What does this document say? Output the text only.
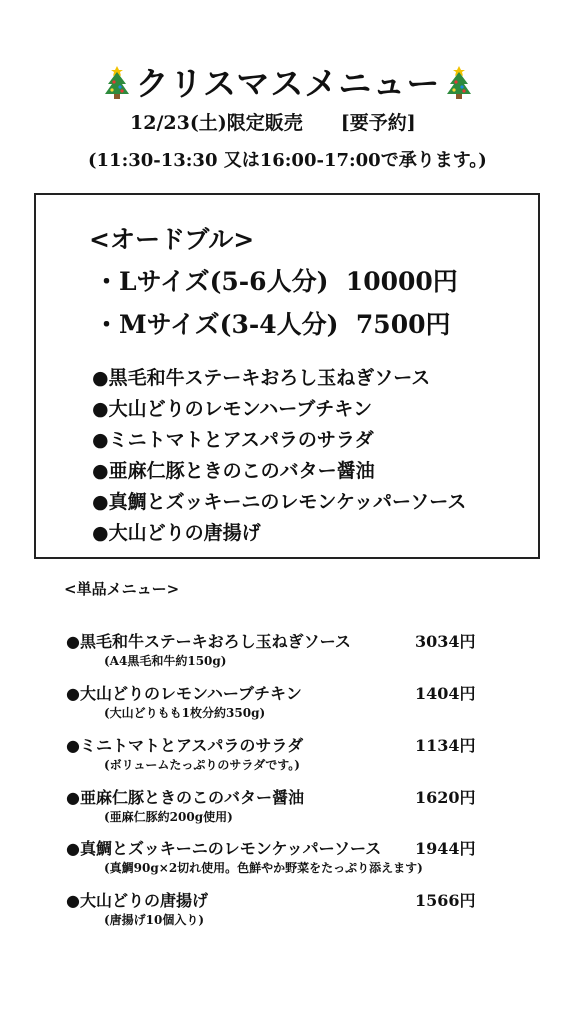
クリスマスメニュー
12/23(土)限定販売　　[要予約]
(11:30-13:30 又は16:00-17:00で承ります。)
<オードブル>
・Lサイズ(5-6人分)  10000円
・Mサイズ(3-4人分)  7500円
●黒毛和牛ステーキおろし玉ねぎソース
●大山どりのレモンハーブチキン
●ミニトマトとアスパラのサラダ
●亜麻仁豚ときのこのバター醤油
●真鯛とズッキーニのレモンケッパーソース
●大山どりの唐揚げ
<単品メニュー>
●黒毛和牛ステーキおろし玉ねぎソース	3034円
(A4黒毛和牛約150g)
●大山どりのレモンハーブチキン	1404円
(大山どりもも1枚分約350g)
●ミニトマトとアスパラのサラダ	1134円
(ボリュームたっぷりのサラダです。)
●亜麻仁豚ときのこのバター醤油	1620円
(亜麻仁豚約200g使用)
●真鯛とズッキーニのレモンケッパーソース 1944円
(真鯛90g×2切れ使用。色鮮やか野菜をたっぷり添えます)
●大山どりの唐揚げ	1566円
(唐揚げ10個入り)
